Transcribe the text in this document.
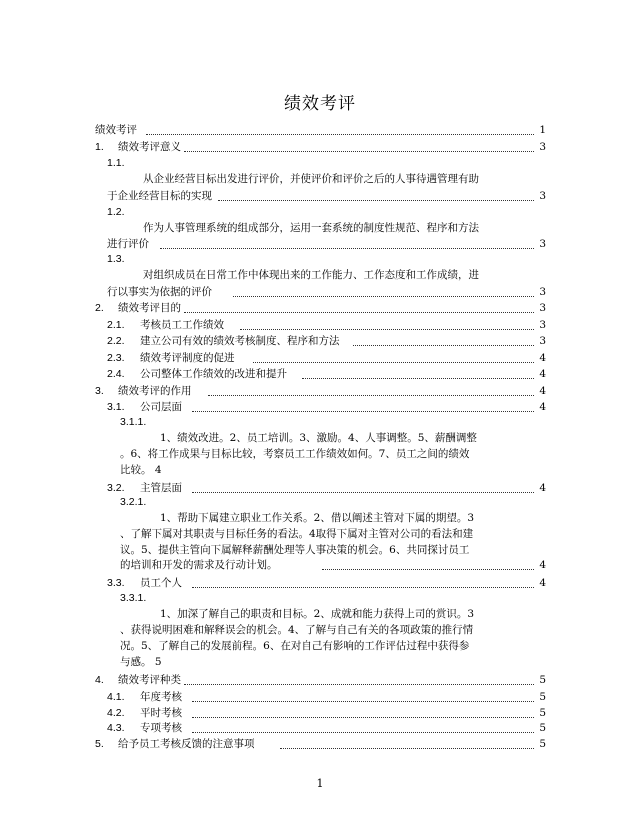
绩效考评
绩效考评	1
1. 绩效考评意义	3
1.1.
从企业经营目标出发进行评价，并使评价和评价之后的人事待遇管理有助
于企业经营目标的实现	3
1.2.
作为人事管理系统的组成部分，运用一套系统的制度性规范、程序和方法
进行评价	3
1.3.
对组织成员在日常工作中体现出来的工作能力、工作态度和工作成绩，进
行以事实为依据的评价	3
2. 绩效考评目的	3
2.1. 考核员工工作绩效	3
2.2. 建立公司有效的绩效考核制度、程序和方法	3
2.3. 绩效考评制度的促进	4
2.4. 公司整体工作绩效的改进和提升	4
3. 绩效考评的作用	4
3.1. 公司层面	4
3.1.1.
1、绩效改进。2、员工培训。3、激励。4、人事调整。5、薪酬调整
。6、将工作成果与目标比较，考察员工工作绩效如何。7、员工之间的绩效
比较。 4
3.2. 主管层面	4
3.2.1.
1、帮助下属建立职业工作关系。2、借以阐述主管对下属的期望。3
、了解下属对其职责与目标任务的看法。4取得下属对主管对公司的看法和建
议。5、提供主管向下属解释薪酬处理等人事决策的机会。6、共同探讨员工
的培训和开发的需求及行动计划。	4
3.3. 员工个人	4
3.3.1.
1、加深了解自己的职责和目标。2、成就和能力获得上司的赏识。3
、获得说明困难和解释误会的机会。4、了解与自己有关的各项政策的推行情
况。5、了解自己的发展前程。6、在对自己有影响的工作评估过程中获得参
与感。 5
4. 绩效考评种类	5
4.1. 年度考核	5
4.2. 平时考核	5
4.3. 专项考核	5
5. 给予员工考核反馈的注意事项	5
1
